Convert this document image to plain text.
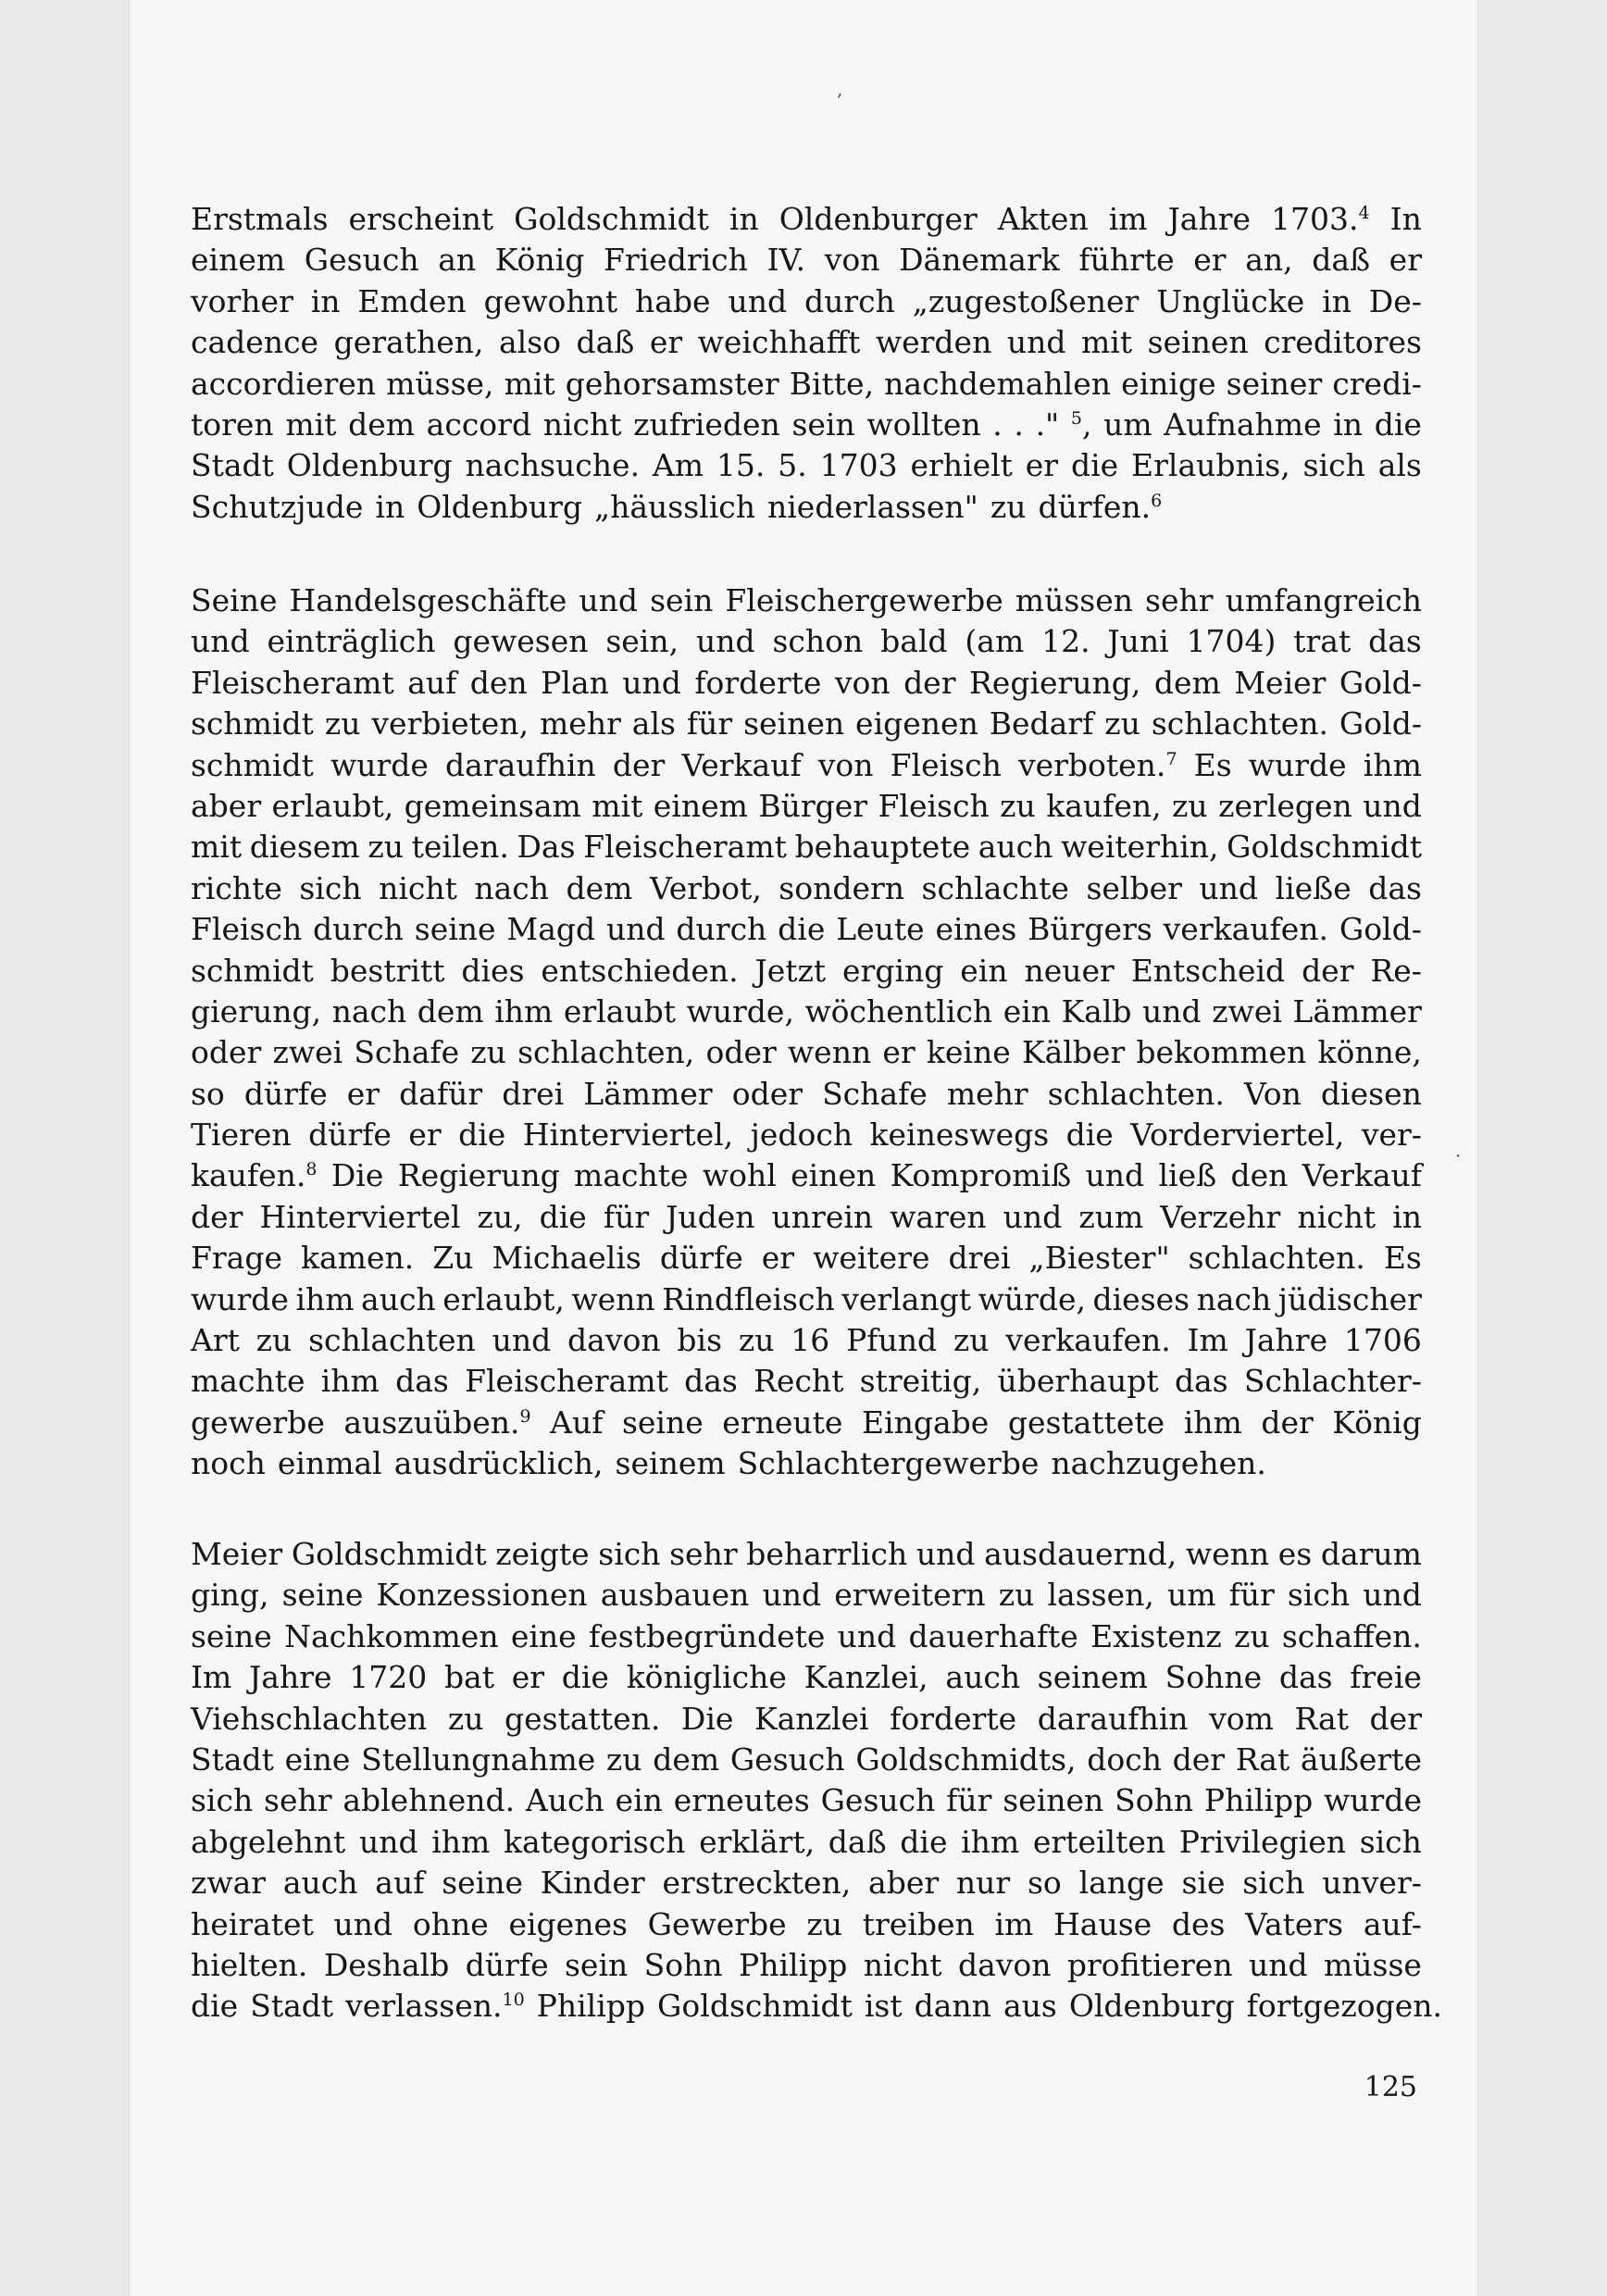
Erstmals erscheint Goldschmidt in Oldenburger Akten im Jahre 1703.$^4$ In
einem Gesuch an König Friedrich IV. von Dänemark führte er an, daß er
vorher in Emden gewohnt habe und durch „zugestoßener Unglücke in De-
cadence gerathen, also daß er weichhafft werden und mit seinen creditores
accordieren müsse, mit gehorsamster Bitte, nachdemahlen einige seiner credi-
toren mit dem accord nicht zufrieden sein wollten . . ." $^5$, um Aufnahme in die
Stadt Oldenburg nachsuche. Am 15. 5. 1703 erhielt er die Erlaubnis, sich als
Schutzjude in Oldenburg „häusslich niederlassen" zu dürfen.$^6$
Seine Handelsgeschäfte und sein Fleischergewerbe müssen sehr umfangreich
und einträglich gewesen sein, und schon bald (am 12. Juni 1704) trat das
Fleischeramt auf den Plan und forderte von der Regierung, dem Meier Gold-
schmidt zu verbieten, mehr als für seinen eigenen Bedarf zu schlachten. Gold-
schmidt wurde daraufhin der Verkauf von Fleisch verboten.$^7$ Es wurde ihm
aber erlaubt, gemeinsam mit einem Bürger Fleisch zu kaufen, zu zerlegen und
mit diesem zu teilen. Das Fleischeramt behauptete auch weiterhin, Goldschmidt
richte sich nicht nach dem Verbot, sondern schlachte selber und ließe das
Fleisch durch seine Magd und durch die Leute eines Bürgers verkaufen. Gold-
schmidt bestritt dies entschieden. Jetzt erging ein neuer Entscheid der Re-
gierung, nach dem ihm erlaubt wurde, wöchentlich ein Kalb und zwei Lämmer
oder zwei Schafe zu schlachten, oder wenn er keine Kälber bekommen könne,
so dürfe er dafür drei Lämmer oder Schafe mehr schlachten. Von diesen
Tieren dürfe er die Hinterviertel, jedoch keineswegs die Vorderviertel, ver-
kaufen.$^8$ Die Regierung machte wohl einen Kompromiß und ließ den Verkauf
der Hinterviertel zu, die für Juden unrein waren und zum Verzehr nicht in
Frage kamen. Zu Michaelis dürfe er weitere drei „Biester" schlachten. Es
wurde ihm auch erlaubt, wenn Rindfleisch verlangt würde, dieses nach jüdischer
Art zu schlachten und davon bis zu 16 Pfund zu verkaufen. Im Jahre 1706
machte ihm das Fleischeramt das Recht streitig, überhaupt das Schlachter-
gewerbe auszuüben.$^9$ Auf seine erneute Eingabe gestattete ihm der König
noch einmal ausdrücklich, seinem Schlachtergewerbe nachzugehen.
Meier Goldschmidt zeigte sich sehr beharrlich und ausdauernd, wenn es darum
ging, seine Konzessionen ausbauen und erweitern zu lassen, um für sich und
seine Nachkommen eine festbegründete und dauerhafte Existenz zu schaffen.
Im Jahre 1720 bat er die königliche Kanzlei, auch seinem Sohne das freie
Viehschlachten zu gestatten. Die Kanzlei forderte daraufhin vom Rat der
Stadt eine Stellungnahme zu dem Gesuch Goldschmidts, doch der Rat äußerte
sich sehr ablehnend. Auch ein erneutes Gesuch für seinen Sohn Philipp wurde
abgelehnt und ihm kategorisch erklärt, daß die ihm erteilten Privilegien sich
zwar auch auf seine Kinder erstreckten, aber nur so lange sie sich unver-
heiratet und ohne eigenes Gewerbe zu treiben im Hause des Vaters auf-
hielten. Deshalb dürfe sein Sohn Philipp nicht davon profitieren und müsse
die Stadt verlassen.$^{10}$ Philipp Goldschmidt ist dann aus Oldenburg fortgezogen.
125
,
·
